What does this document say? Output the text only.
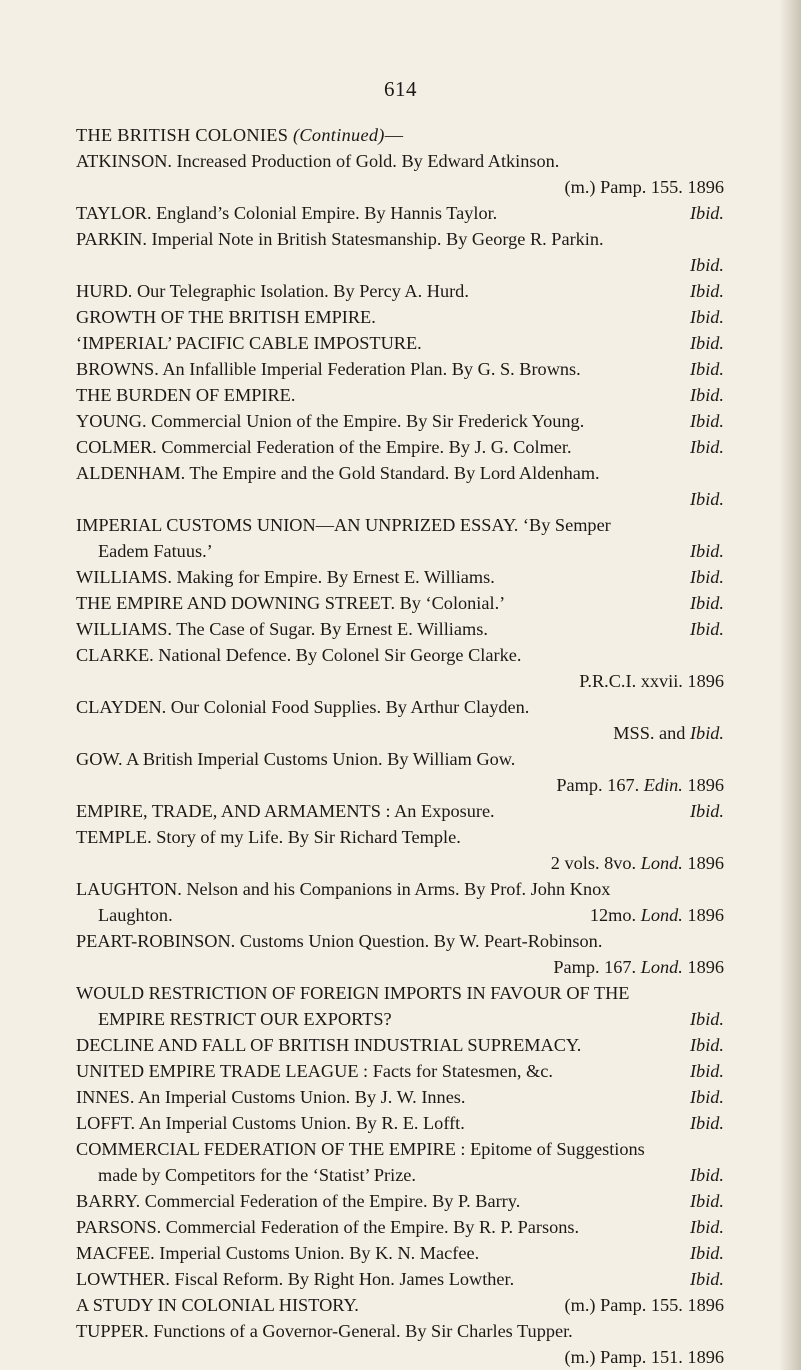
614
THE BRITISH COLONIES (Continued)—
ATKINSON. Increased Production of Gold. By Edward Atkinson.
(m.) Pamp. 155. 1896
TAYLOR. England’s Colonial Empire. By Hannis Taylor.	Ibid.
PARKIN. Imperial Note in British Statesmanship. By George R. Parkin.
Ibid.
HURD. Our Telegraphic Isolation. By Percy A. Hurd.	Ibid.
GROWTH OF THE BRITISH EMPIRE.	Ibid.
‘IMPERIAL’ PACIFIC CABLE IMPOSTURE.	Ibid.
BROWNS. An Infallible Imperial Federation Plan. By G. S. Browns.	Ibid.
THE BURDEN OF EMPIRE.	Ibid.
YOUNG. Commercial Union of the Empire. By Sir Frederick Young.	Ibid.
COLMER. Commercial Federation of the Empire. By J. G. Colmer.	Ibid.
ALDENHAM. The Empire and the Gold Standard. By Lord Aldenham.
Ibid.
IMPERIAL CUSTOMS UNION—AN UNPRIZED ESSAY. ‘By Semper
Eadem Fatuus.’	Ibid.
WILLIAMS. Making for Empire. By Ernest E. Williams.	Ibid.
THE EMPIRE AND DOWNING STREET. By ‘Colonial.’	Ibid.
WILLIAMS. The Case of Sugar. By Ernest E. Williams.	Ibid.
CLARKE. National Defence. By Colonel Sir George Clarke.
P.R.C.I. xxvii. 1896
CLAYDEN. Our Colonial Food Supplies. By Arthur Clayden.
MSS. and Ibid.
GOW. A British Imperial Customs Union. By William Gow.
Pamp. 167. Edin. 1896
EMPIRE, TRADE, AND ARMAMENTS : An Exposure.	Ibid.
TEMPLE. Story of my Life. By Sir Richard Temple.
2 vols. 8vo. Lond. 1896
LAUGHTON. Nelson and his Companions in Arms. By Prof. John Knox
Laughton.	12mo. Lond. 1896
PEART-ROBINSON. Customs Union Question. By W. Peart-Robinson.
Pamp. 167. Lond. 1896
WOULD RESTRICTION OF FOREIGN IMPORTS IN FAVOUR OF THE
EMPIRE RESTRICT OUR EXPORTS?	Ibid.
DECLINE AND FALL OF BRITISH INDUSTRIAL SUPREMACY.	Ibid.
UNITED EMPIRE TRADE LEAGUE : Facts for Statesmen, &c.	Ibid.
INNES. An Imperial Customs Union. By J. W. Innes.	Ibid.
LOFFT. An Imperial Customs Union. By R. E. Lofft.	Ibid.
COMMERCIAL FEDERATION OF THE EMPIRE : Epitome of Suggestions
made by Competitors for the ‘Statist’ Prize.	Ibid.
BARRY. Commercial Federation of the Empire. By P. Barry.	Ibid.
PARSONS. Commercial Federation of the Empire. By R. P. Parsons.	Ibid.
MACFEE. Imperial Customs Union. By K. N. Macfee.	Ibid.
LOWTHER. Fiscal Reform. By Right Hon. James Lowther.	Ibid.
A STUDY IN COLONIAL HISTORY.	(m.) Pamp. 155. 1896
TUPPER. Functions of a Governor-General. By Sir Charles Tupper.
(m.) Pamp. 151. 1896
